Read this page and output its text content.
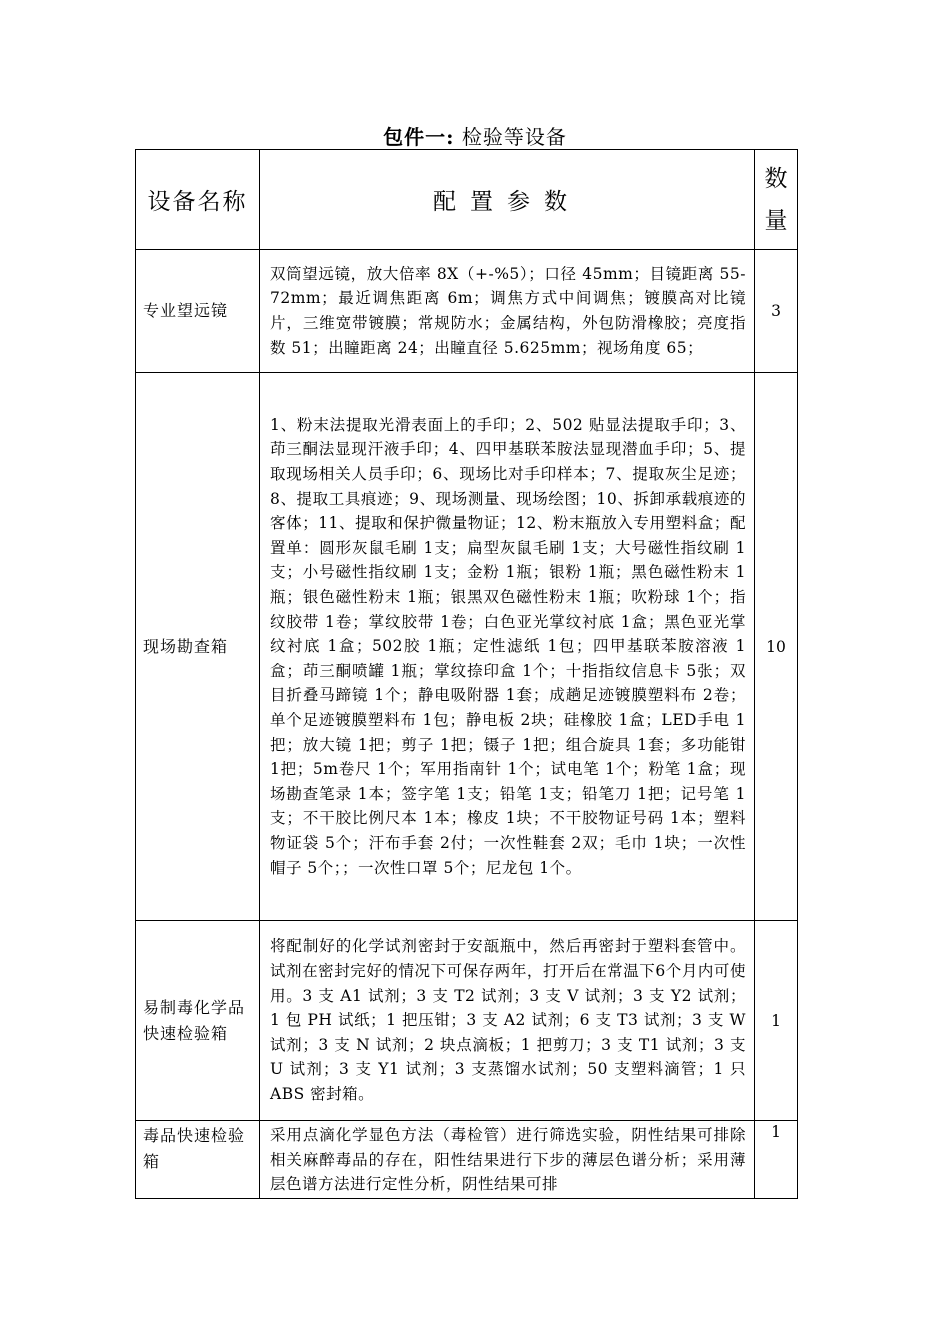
包件一: 检验等设备
设备名称	配置参数	数
量

专业望远镜	双筒望远镜，放大倍率 8X（+-%5）；口径 45mm；目镜距离 55-72mm；最近调焦距离 6m；调焦方式中间调焦；镀膜高对比镜片，三维宽带镀膜；常规防水；金属结构，外包防滑橡胶；亮度指数 51；出瞳距离 24；出瞳直径 5.625mm；视场角度 65；	3
现场勘查箱	1、粉末法提取光滑表面上的手印；2、502 贴显法提取手印；3、茚三酮法显现汗液手印；4、四甲基联苯胺法显现潜血手印；5、提取现场相关人员手印；6、现场比对手印样本；7、提取灰尘足迹；8、提取工具痕迹；9、现场测量、现场绘图；10、拆卸承载痕迹的客体；11、提取和保护微量物证；12、粉末瓶放入专用塑料盒；配置单：圆形灰鼠毛刷 1支；扁型灰鼠毛刷 1支；大号磁性指纹刷 1支；小号磁性指纹刷 1支；金粉 1瓶；银粉 1瓶；黑色磁性粉末 1瓶；银色磁性粉末 1瓶；银黑双色磁性粉末 1瓶；吹粉球 1个；指纹胶带 1卷；掌纹胶带 1卷；白色亚光掌纹衬底 1盒；黑色亚光掌纹衬底 1盒；502胶 1瓶；定性滤纸 1包；四甲基联苯胺溶液 1盒；茚三酮喷罐 1瓶；掌纹捺印盒 1个；十指指纹信息卡 5张；双目折叠马蹄镜 1个；静电吸附器 1套；成趟足迹镀膜塑料布 2卷；单个足迹镀膜塑料布 1包；静电板 2块；硅橡胶 1盒；LED手电 1把；放大镜 1把；剪子 1把；镊子 1把；组合旋具 1套；多功能钳 1把；5m卷尺 1个；军用指南针 1个；试电笔 1个；粉笔 1盒；现场勘查笔录 1本；签字笔 1支；铅笔 1支；铅笔刀 1把；记号笔 1支；不干胶比例尺本 1本；橡皮 1块；不干胶物证号码 1本；塑料物证袋 5个；汗布手套 2付；一次性鞋套 2双；毛巾 1块；一次性帽子 5个；；一次性口罩 5个；尼龙包 1个。	10
易制毒化学品快速检验箱	将配制好的化学试剂密封于安瓿瓶中，然后再密封于塑料套管中。试剂在密封完好的情况下可保存两年，打开后在常温下6个月内可使用。3 支 A1 试剂；3 支 T2 试剂；3 支 V 试剂；3 支 Y2 试剂；1 包 PH 试纸；1 把压钳；3 支 A2 试剂；6 支 T3 试剂；3 支 W 试剂；3 支 N 试剂；2 块点滴板；1 把剪刀；3 支 T1 试剂；3 支 U 试剂；3 支 Y1 试剂；3 支蒸馏水试剂；50 支塑料滴管；1 只 ABS 密封箱。	1
毒品快速检验箱	采用点滴化学显色方法（毒检管）进行筛选实验，阴性结果可排除相关麻醉毒品的存在，阳性结果进行下步的薄层色谱分析；采用薄层色谱方法进行定性分析，阴性结果可排	1
